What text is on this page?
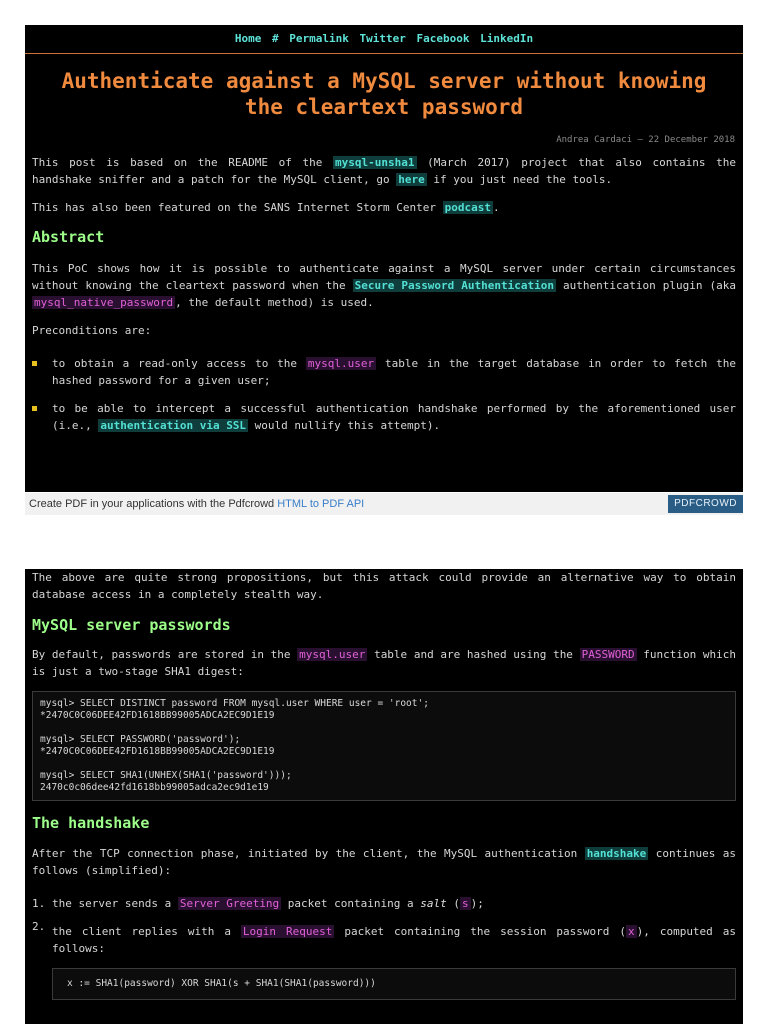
Home # Permalink Twitter Facebook LinkedIn
Authenticate against a MySQL server without knowing the cleartext password
Andrea Cardaci — 22 December 2018

This post is based on the README of the mysql-unsha1 (March 2017) project that also contains the handshake sniffer and a patch for the MySQL client, go here if you just need the tools.

This has also been featured on the SANS Internet Storm Center podcast .

Abstract

This PoC shows how it is possible to authenticate against a MySQL server under certain circumstances without knowing the cleartext password when the Secure Password Authentication authentication plugin (aka mysql_native_password , the default method) is used.

Preconditions are:

to obtain a read-only access to the mysql.user table in the target database in order to fetch the hashed password for a given user;
to be able to intercept a successful authentication handshake performed by the aforementioned user (i.e., authentication via SSL would nullify this attempt).
Create PDF in your applications with the Pdfcrowd HTML to PDF API	PDFCROWD

The above are quite strong propositions, but this attack could provide an alternative way to obtain database access in a completely stealth way.

MySQL server passwords

By default, passwords are stored in the mysql.user table and are hashed using the PASSWORD function which is just a two-stage SHA1 digest:

mysql> SELECT DISTINCT password FROM mysql.user WHERE user = 'root';
*2470C0C06DEE42FD1618BB99005ADCA2EC9D1E19
mysql> SELECT PASSWORD('password');
*2470C0C06DEE42FD1618BB99005ADCA2EC9D1E19
mysql> SELECT SHA1(UNHEX(SHA1('password')));
2470c0c06dee42fd1618bb99005adca2ec9d1e19
The handshake

After the TCP connection phase, initiated by the client, the MySQL authentication handshake continues as follows (simplified):

1. the server sends a Server Greeting packet containing a salt ( s );
2. the client replies with a Login Request packet containing the session password ( x ), computed as follows:
x := SHA1(password) XOR SHA1(s + SHA1(SHA1(password)))
